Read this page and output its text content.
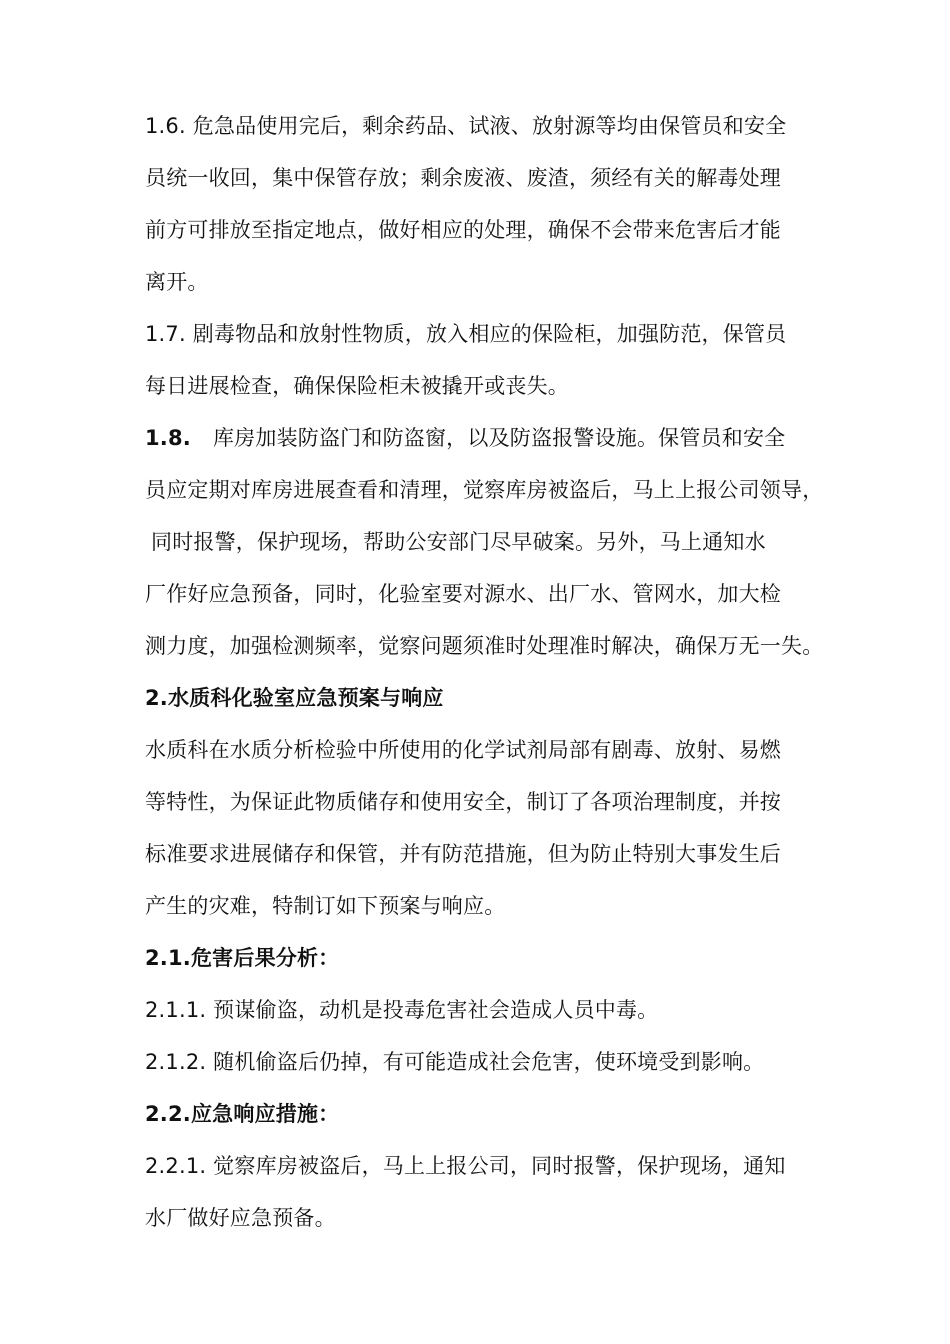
1.6. 危急品使用完后，剩余药品、试液、放射源等均由保管员和安全
员统一收回，集中保管存放；剩余废液、废渣，须经有关的解毒处理
前方可排放至指定地点，做好相应的处理，确保不会带来危害后才能
离开。
1.7. 剧毒物品和放射性物质，放入相应的保险柜，加强防范，保管员
每日进展检查，确保保险柜未被撬开或丧失。
1.8. 库房加装防盗门和防盗窗，以及防盗报警设施。保管员和安全
员应定期对库房进展查看和清理，觉察库房被盗后，马上上报公司领导，
同时报警，保护现场，帮助公安部门尽早破案。另外，马上通知水
厂作好应急预备，同时，化验室要对源水、出厂水、管网水，加大检
测力度，加强检测频率，觉察问题须准时处理准时解决，确保万无一失。
2.水质科化验室应急预案与响应
水质科在水质分析检验中所使用的化学试剂局部有剧毒、放射、易燃
等特性，为保证此物质储存和使用安全，制订了各项治理制度，并按
标准要求进展储存和保管，并有防范措施，但为防止特别大事发生后
产生的灾难，特制订如下预案与响应。
2.1.危害后果分析：
2.1.1. 预谋偷盗，动机是投毒危害社会造成人员中毒。
2.1.2. 随机偷盗后仍掉，有可能造成社会危害，使环境受到影响。
2.2.应急响应措施：
2.2.1. 觉察库房被盗后，马上上报公司，同时报警，保护现场，通知
水厂做好应急预备。
